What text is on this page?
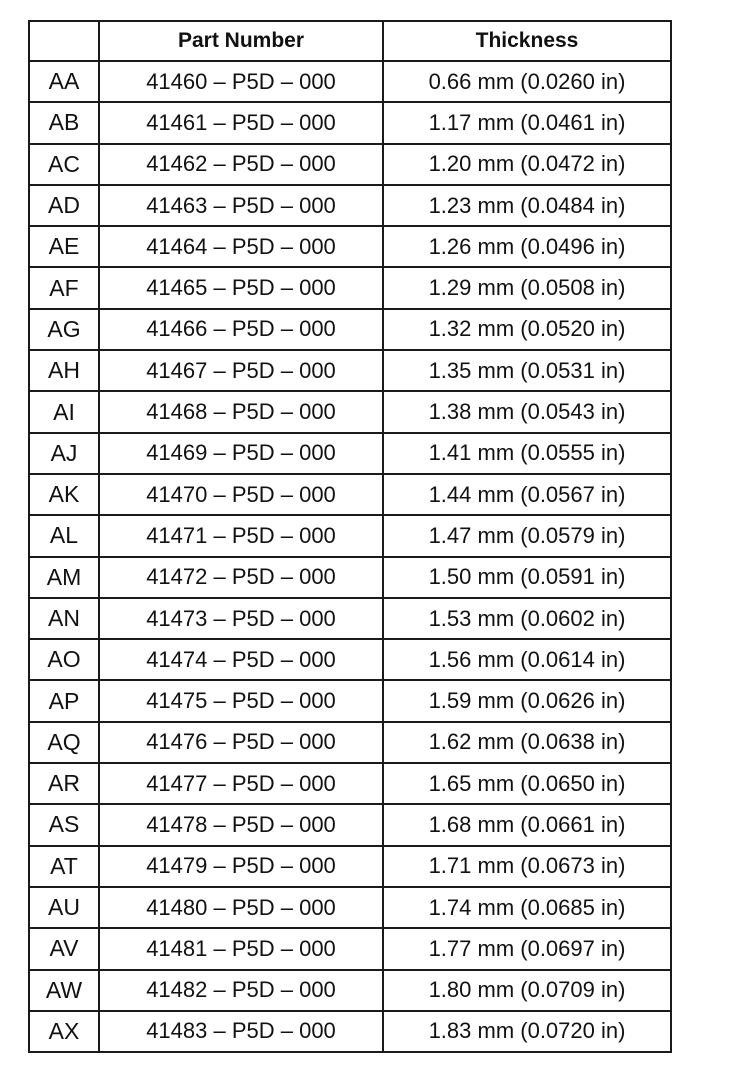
	Part Number	Thickness
AA	41460 – P5D – 000	0.66 mm (0.0260 in)
AB	41461 – P5D – 000	1.17 mm (0.0461 in)
AC	41462 – P5D – 000	1.20 mm (0.0472 in)
AD	41463 – P5D – 000	1.23 mm (0.0484 in)
AE	41464 – P5D – 000	1.26 mm (0.0496 in)
AF	41465 – P5D – 000	1.29 mm (0.0508 in)
AG	41466 – P5D – 000	1.32 mm (0.0520 in)
AH	41467 – P5D – 000	1.35 mm (0.0531 in)
AI	41468 – P5D – 000	1.38 mm (0.0543 in)
AJ	41469 – P5D – 000	1.41 mm (0.0555 in)
AK	41470 – P5D – 000	1.44 mm (0.0567 in)
AL	41471 – P5D – 000	1.47 mm (0.0579 in)
AM	41472 – P5D – 000	1.50 mm (0.0591 in)
AN	41473 – P5D – 000	1.53 mm (0.0602 in)
AO	41474 – P5D – 000	1.56 mm (0.0614 in)
AP	41475 – P5D – 000	1.59 mm (0.0626 in)
AQ	41476 – P5D – 000	1.62 mm (0.0638 in)
AR	41477 – P5D – 000	1.65 mm (0.0650 in)
AS	41478 – P5D – 000	1.68 mm (0.0661 in)
AT	41479 – P5D – 000	1.71 mm (0.0673 in)
AU	41480 – P5D – 000	1.74 mm (0.0685 in)
AV	41481 – P5D – 000	1.77 mm (0.0697 in)
AW	41482 – P5D – 000	1.80 mm (0.0709 in)
AX	41483 – P5D – 000	1.83 mm (0.0720 in)
